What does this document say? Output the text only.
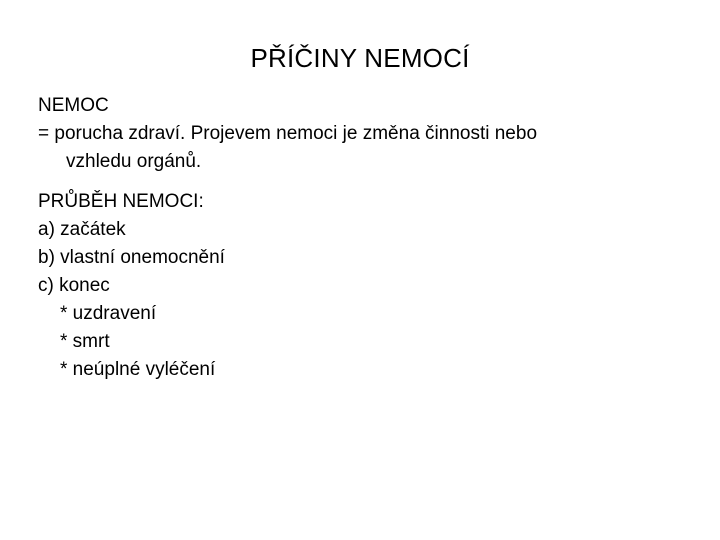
PŘÍČINY NEMOCÍ
NEMOC
= porucha zdraví. Projevem nemoci je změna činnosti nebo
vzhledu orgánů.
PRŮBĚH NEMOCI:
a) začátek
b) vlastní onemocnění
c) konec
* uzdravení
* smrt
* neúplné vyléčení
